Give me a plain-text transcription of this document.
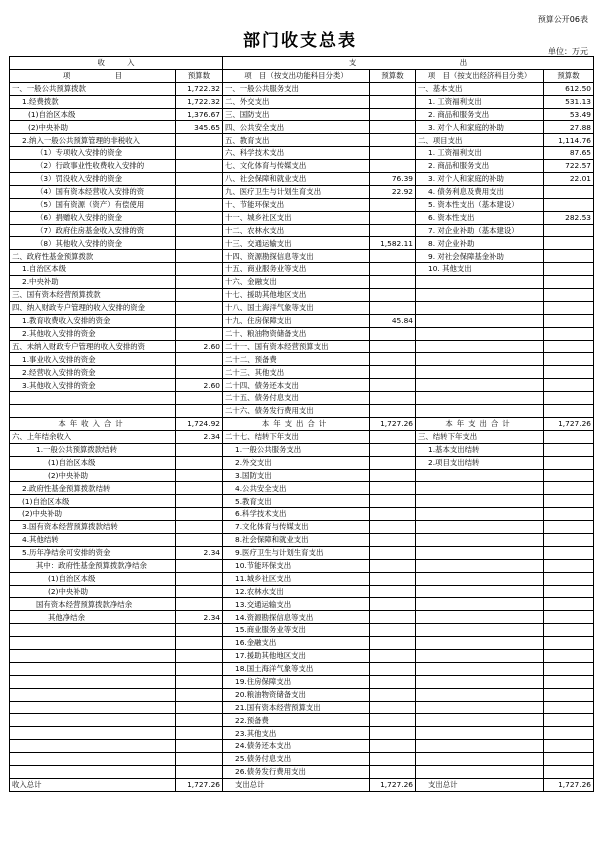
预算公开06表
部门收支总表
单位：万元
收　　　入		支　　　　　　　　　　　　　　出			
项　　　　　　目	预算数	项　目（按支出功能科目分类）	预算数	项　目（按支出经济科目分类）	预算数
一、一般公共预算拨款	1,722.32	一、一般公共服务支出		一、基本支出	612.50
1.经费拨款	1,722.32	二、外交支出		1. 工资福利支出	531.13
(1)自治区本级	1,376.67	三、国防支出		2. 商品和服务支出	53.49
(2)中央补助	345.65	四、公共安全支出		3. 对个人和家庭的补助	27.88
2.纳入一般公共预算管理的非税收入		五、教育支出		二、项目支出	1,114.76
（1）专项收入安排的资金		六、科学技术支出		1. 工资福利支出	87.65
（2）行政事业性收费收入安排的		七、文化体育与传媒支出		2. 商品和服务支出	722.57
（3）罚没收入安排的资金		八、社会保障和就业支出	76.39	3. 对个人和家庭的补助	22.01
（4）国有资本经营收入安排的资		九、医疗卫生与计划生育支出	22.92	4. 债务利息及费用支出	
（5）国有资源（资产）有偿使用		十、节能环保支出		5. 资本性支出（基本建设）	
（6）捐赠收入安排的资金		十一、城乡社区支出		6. 资本性支出	282.53
（7）政府住房基金收入安排的资		十二、农林水支出		7. 对企业补助（基本建设）	
（8）其他收入安排的资金		十三、交通运输支出	1,582.11	8. 对企业补助	
二、政府性基金预算拨款		十四、资源勘探信息等支出		9. 对社会保障基金补助	
1.自治区本级		十五、商业服务业等支出		10. 其他支出	
2.中央补助		十六、金融支出			
三、国有资本经营预算拨款		十七、援助其他地区支出			
四、纳入财政专户管理的收入安排的资金		十八、国土海洋气象等支出			
1.教育收费收入安排的资金		十九、住房保障支出	45.84		
2.其他收入安排的资金		二十、粮油物资储备支出			
五、未纳入财政专户管理的收入安排的资	2.60	二十一、国有资本经营预算支出			
1.事业收入安排的资金		二十二、预备费			
2.经营收入安排的资金		二十三、其他支出			
3.其他收入安排的资金	2.60	二十四、债务还本支出			
		二十五、债务付息支出			
		二十六、债务发行费用支出			
本年收入合计	1,724.92	本年支出合计	1,727.26	本年支出合计	1,727.26
六、上年结余收入	2.34	二十七、结转下年支出		三、结转下年支出	
1.一般公共预算拨款结转		1.一般公共服务支出		1.基本支出结转	
(1)自治区本级		2.外交支出		2.项目支出结转	
(2)中央补助		3.国防支出			
2.政府性基金预算拨款结转		4.公共安全支出			
(1)自治区本级		5.教育支出			
(2)中央补助		6.科学技术支出			
3.国有资本经营预算拨款结转		7.文化体育与传媒支出			
4.其他结转		8.社会保障和就业支出			
5.历年净结余可安排的资金	2.34	9.医疗卫生与计划生育支出			
其中：政府性基金预算拨款净结余		10.节能环保支出			
(1)自治区本级		11.城乡社区支出			
(2)中央补助		12.农林水支出			
国有资本经营预算拨款净结余		13.交通运输支出			
其他净结余	2.34	14.资源勘探信息等支出			
		15.商业服务业等支出			
		16.金融支出			
		17.援助其他地区支出			
		18.国土海洋气象等支出			
		19.住房保障支出			
		20.粮油物资储备支出			
		21.国有资本经营预算支出			
		22.预备费			
		23.其他支出			
		24.债务还本支出			
		25.债务付息支出			
		26.债务发行费用支出			
收入总计	1,727.26	支出总计	1,727.26	支出总计	1,727.26
